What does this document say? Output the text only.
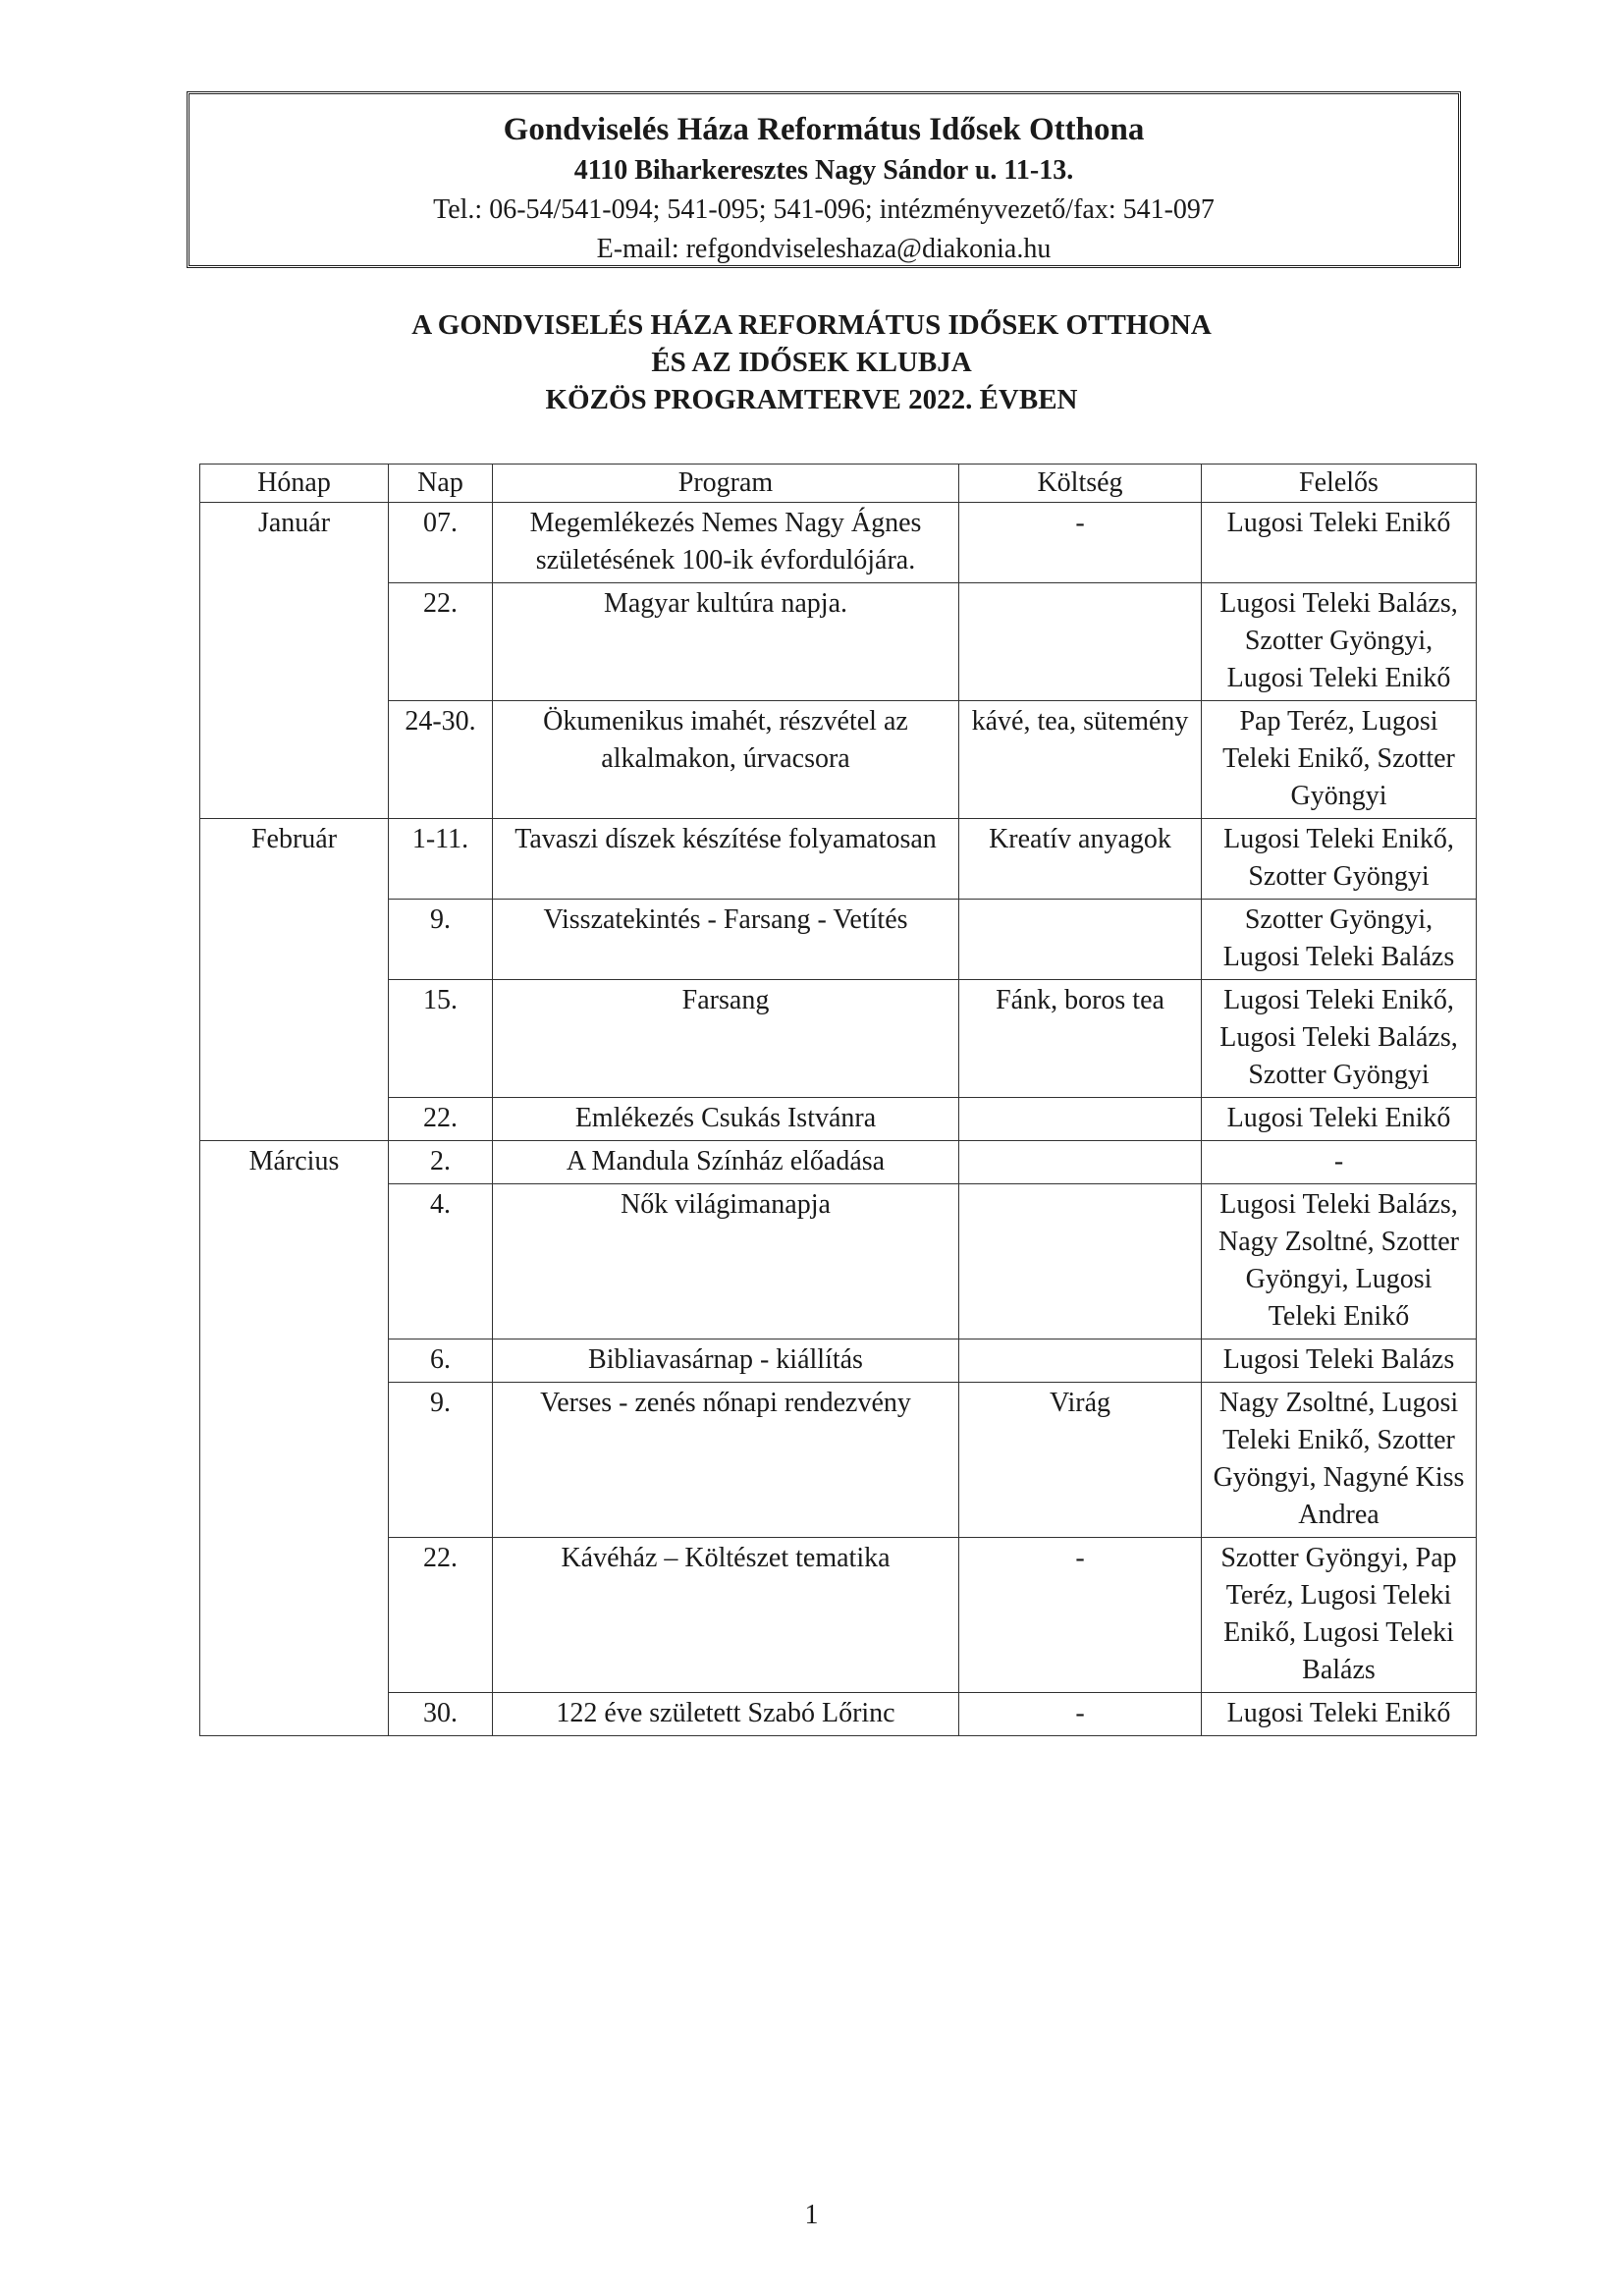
Gondviselés Háza Református Idősek Otthona
4110 Biharkeresztes Nagy Sándor u. 11-13.
Tel.: 06-54/541-094; 541-095; 541-096; intézményvezető/fax: 541-097
E-mail: refgondviseleshaza@diakonia.hu
A GONDVISELÉS HÁZA REFORMÁTUS IDŐSEK OTTHONA
ÉS AZ IDŐSEK KLUBJA
KÖZÖS PROGRAMTERVE 2022. ÉVBEN
Hónap	Nap	Program	Költség	Felelős
Január	07.	Megemlékezés Nemes Nagy Ágnes születésének 100-ik évfordulójára.	-	Lugosi Teleki Enikő
	22.	Magyar kultúra napja.		Lugosi Teleki Balázs, Szotter Gyöngyi, Lugosi Teleki Enikő
	24-30.	Ökumenikus imahét, részvétel az alkalmakon, úrvacsora	kávé, tea, sütemény	Pap Teréz, Lugosi Teleki Enikő, Szotter Gyöngyi
Február	1-11.	Tavaszi díszek készítése folyamatosan	Kreatív anyagok	Lugosi Teleki Enikő, Szotter Gyöngyi
	9.	Visszatekintés - Farsang - Vetítés		Szotter Gyöngyi, Lugosi Teleki Balázs
	15.	Farsang	Fánk, boros tea	Lugosi Teleki Enikő, Lugosi Teleki Balázs, Szotter Gyöngyi
	22.	Emlékezés Csukás Istvánra		Lugosi Teleki Enikő
Március	2.	A Mandula Színház előadása		-
	4.	Nők világimanapja		Lugosi Teleki Balázs, Nagy Zsoltné, Szotter Gyöngyi, Lugosi Teleki Enikő
	6.	Bibliavasárnap - kiállítás		Lugosi Teleki Balázs
	9.	Verses - zenés nőnapi rendezvény	Virág	Nagy Zsoltné, Lugosi Teleki Enikő, Szotter Gyöngyi, Nagyné Kiss Andrea
	22.	Kávéház – Költészet tematika	-	Szotter Gyöngyi, Pap Teréz, Lugosi Teleki Enikő, Lugosi Teleki Balázs
	30.	122 éve született Szabó Lőrinc	-	Lugosi Teleki Enikő
1
